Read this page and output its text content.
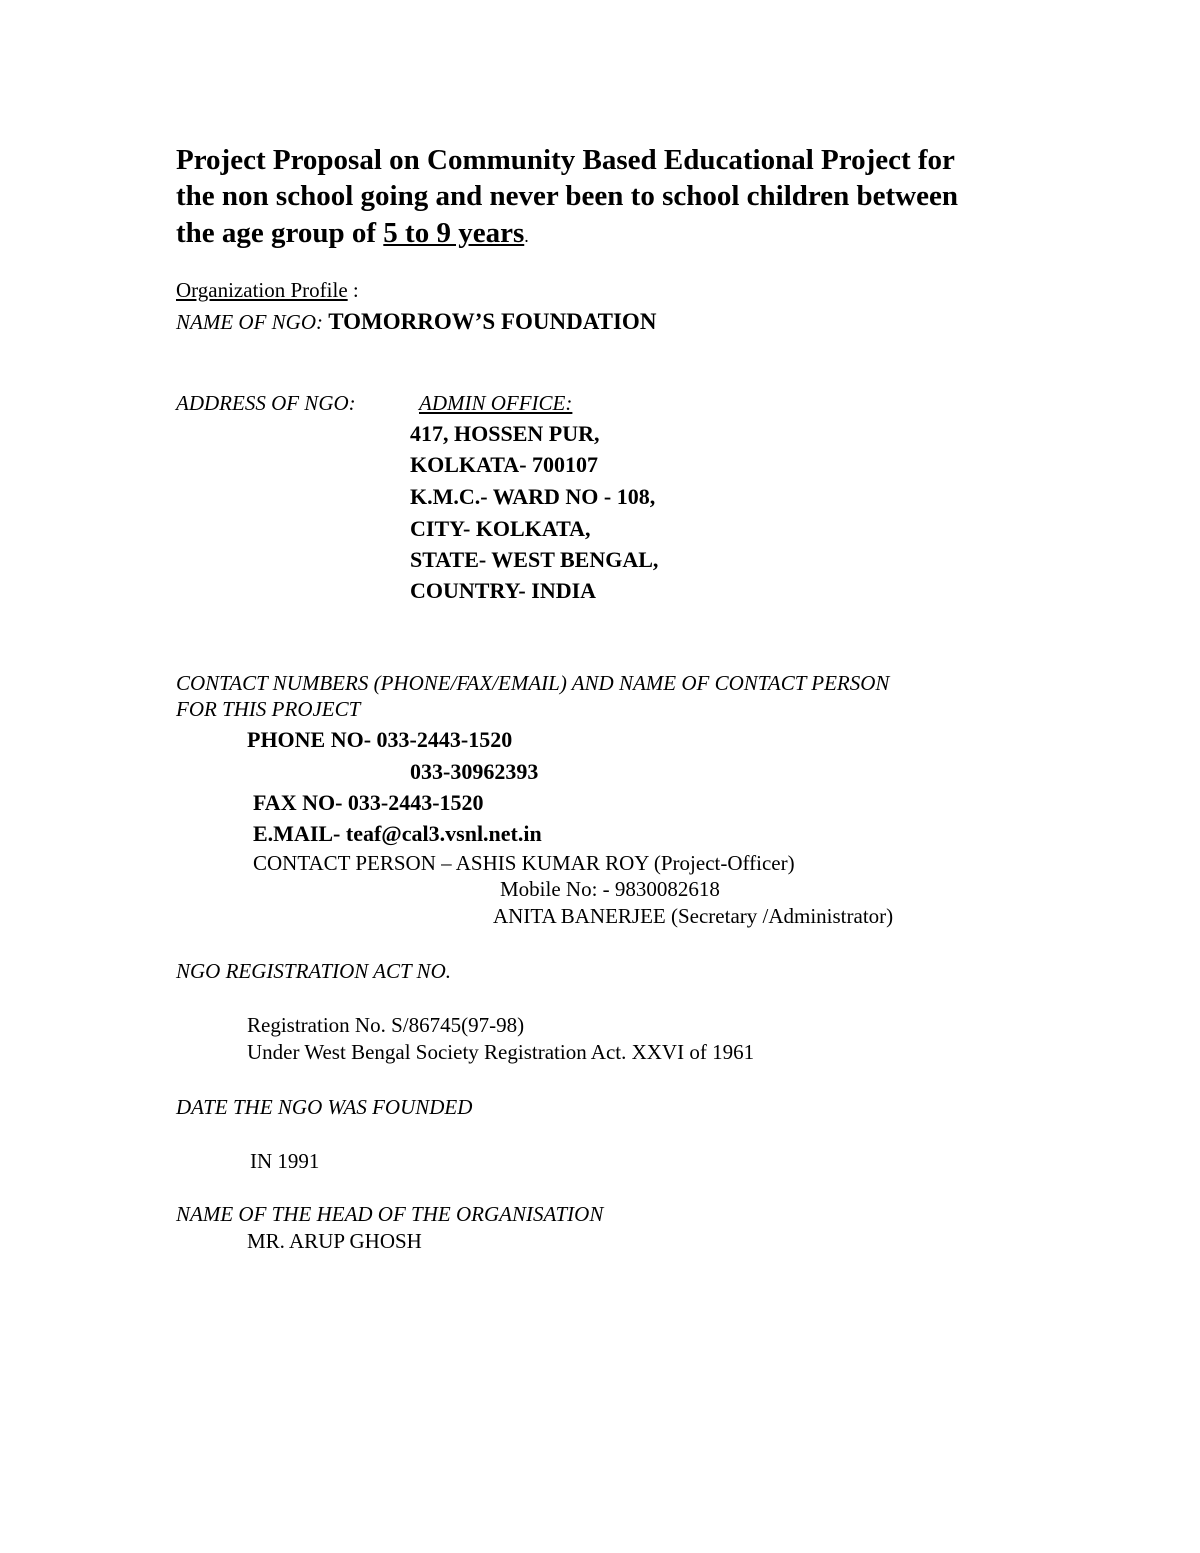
Project Proposal on Community Based Educational Project for
the non school going and never been to school children between
the age group of 5 to 9 years.
Organization Profile :
NAME OF NGO: TOMORROW’S FOUNDATION
ADDRESS OF NGO:	ADMIN OFFICE:
417, HOSSEN PUR,
KOLKATA- 700107
K.M.C.- WARD NO - 108,
CITY- KOLKATA,
STATE- WEST BENGAL,
COUNTRY- INDIA
CONTACT NUMBERS (PHONE/FAX/EMAIL) AND NAME OF CONTACT PERSON
FOR THIS PROJECT
PHONE NO- 033-2443-1520
033-30962393
FAX NO- 033-2443-1520
E.MAIL- teaf@cal3.vsnl.net.in
CONTACT PERSON – ASHIS KUMAR ROY (Project-Officer)
Mobile No: - 9830082618
ANITA BANERJEE (Secretary /Administrator)
NGO REGISTRATION ACT NO.
Registration No. S/86745(97-98)
Under West Bengal Society Registration Act. XXVI of 1961
DATE THE NGO WAS FOUNDED
IN 1991
NAME OF THE HEAD OF THE ORGANISATION
MR. ARUP GHOSH
